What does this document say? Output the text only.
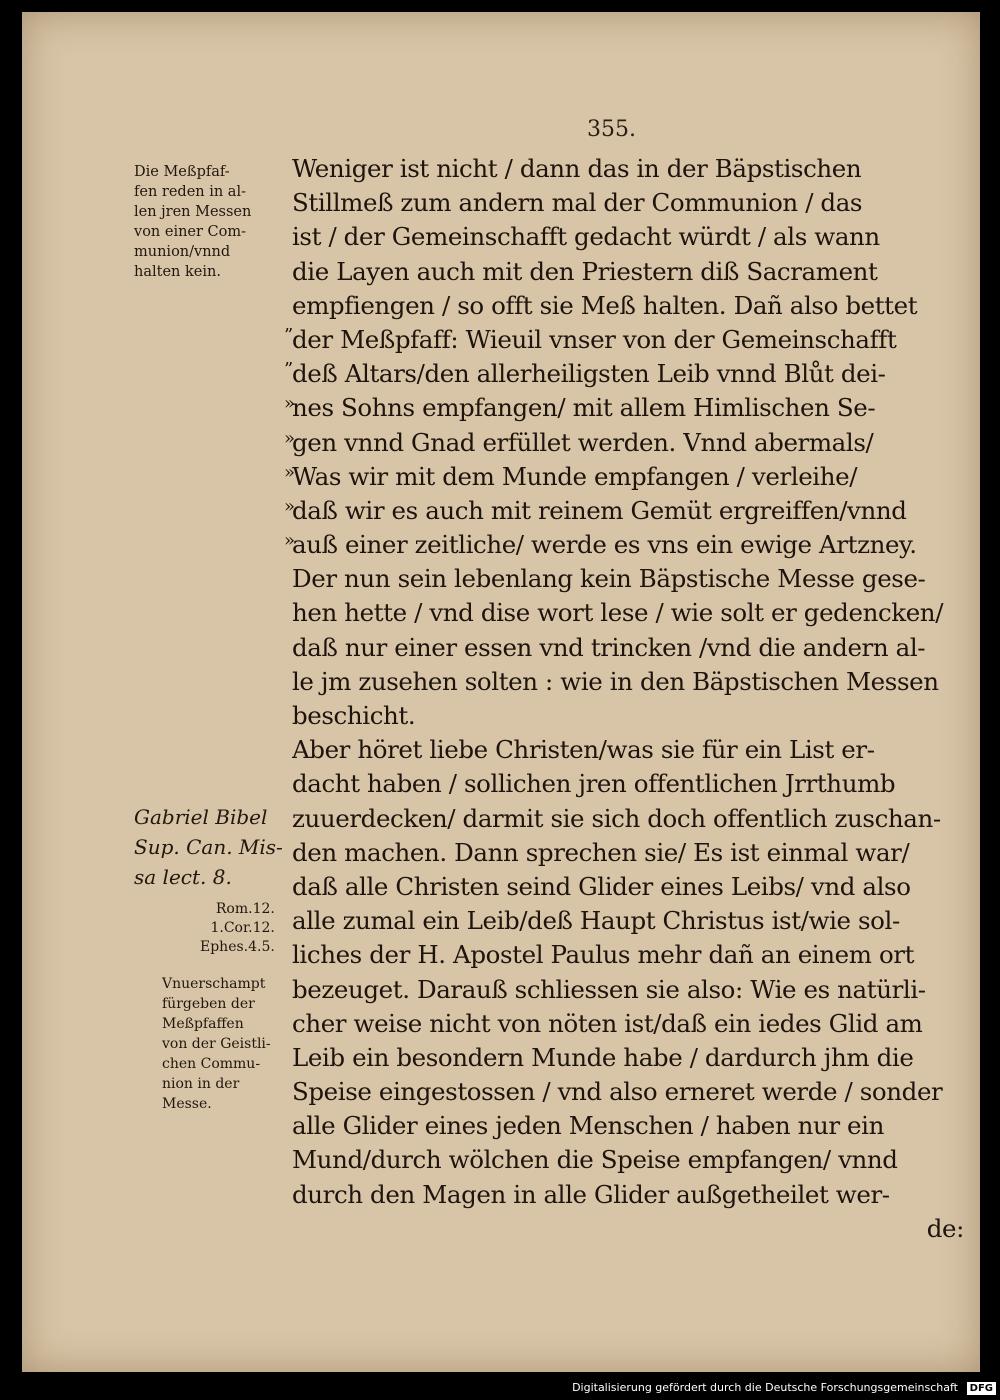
355.
Die Meßpfaf-
fen reden in al-
len jren Messen
von einer Com-
munion/vnnd
halten kein.
Gabriel Bibel
Sup. Can. Mis-
sa lect. 8.
Rom.12.
1.Cor.12.
Ephes.4.5.
Vnuerschampt
fürgeben der
Meßpfaffen
von der Geistli-
chen Commu-
nion in der
Messe.
”
”
»
»
»
»
»
Weniger ist nicht / dann das in der Bäpstischen
Stillmeß zum andern mal der Communion / das
ist / der Gemeinschafft gedacht würdt / als wann
die Layen auch mit den Priestern diß Sacrament
empfiengen / so offt sie Meß halten. Dañ also bettet
der Meßpfaff: Wieuil vnser von der Gemeinschafft
deß Altars/den allerheiligsten Leib vnnd Blůt dei-
nes Sohns empfangen/ mit allem Himlischen Se-
gen vnnd Gnad erfüllet werden. Vnnd abermals/
Was wir mit dem Munde empfangen / verleihe/
daß wir es auch mit reinem Gemüt ergreiffen/vnnd
auß einer zeitliche/ werde es vns ein ewige Artzney.
Der nun sein lebenlang kein Bäpstische Messe gese-
hen hette / vnd dise wort lese / wie solt er gedencken/
daß nur einer essen vnd trincken /vnd die andern al-
le jm zusehen solten : wie in den Bäpstischen Messen
beschicht.
Aber höret liebe Christen/was sie für ein List er-
dacht haben / sollichen jren offentlichen Jrrthumb
zuuerdecken/ darmit sie sich doch offentlich zuschan-
den machen. Dann sprechen sie/ Es ist einmal war/
daß alle Christen seind Glider eines Leibs/ vnd also
alle zumal ein Leib/deß Haupt Christus ist/wie sol-
liches der H. Apostel Paulus mehr dañ an einem ort
bezeuget. Darauß schliessen sie also: Wie es natürli-
cher weise nicht von nöten ist/daß ein iedes Glid am
Leib ein besondern Munde habe / dardurch jhm die
Speise eingestossen / vnd also erneret werde / sonder
alle Glider eines jeden Menschen / haben nur ein
Mund/durch wölchen die Speise empfangen/ vnnd
durch den Magen in alle Glider außgetheilet wer-
de:
Digitalisierung gefördert durch die Deutsche Forschungsgemeinschaft	DFG
